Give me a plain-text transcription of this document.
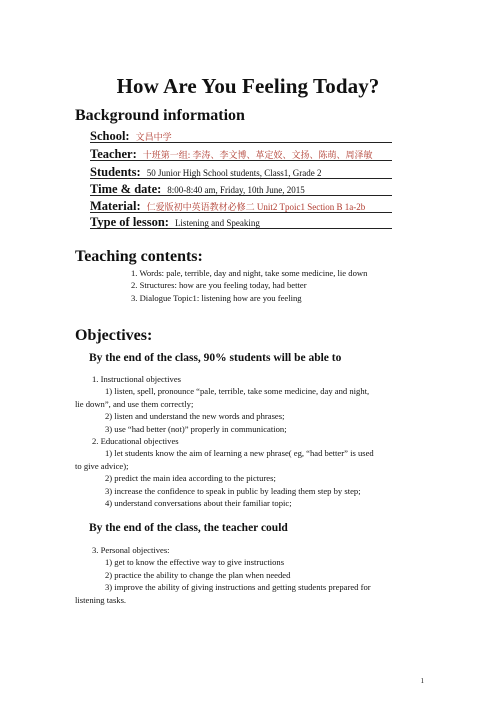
How Are You Feeling Today?
Background information
School: 文昌中学
Teacher: 十班第一组: 李涛、李文博、革定姣、文扬、陈萌、周泽敏
Students: 50 Junior High School students, Class1, Grade 2
Time & date: 8:00-8:40 am, Friday, 10th June, 2015
Material: 仁爱版初中英语教材必修二 Unit2 Tpoic1 Section B 1a-2b
Type of lesson: Listening and Speaking
Teaching contents:
1. Words: pale, terrible, day and night, take some medicine, lie down
2. Structures: how are you feeling today, had better
3. Dialogue Topic1: listening how are you feeling
Objectives:
By the end of the class, 90% students will be able to
1. Instructional objectives
1) listen, spell, pronounce “pale, terrible, take some medicine, day and night,
lie down”, and use them correctly;
2) listen and understand the new words and phrases;
3) use “had better (not)” properly in communication;
2. Educational objectives
1) let students know the aim of learning a new phrase( eg, “had better” is used
to give advice);
2) predict the main idea according to the pictures;
3) increase the confidence to speak in public by leading them step by step;
4) understand conversations about their familiar topic;
By the end of the class, the teacher could
3. Personal objectives:
1) get to know the effective way to give instructions
2) practice the ability to change the plan when needed
3) improve the ability of giving instructions and getting students prepared for
listening tasks.
1
